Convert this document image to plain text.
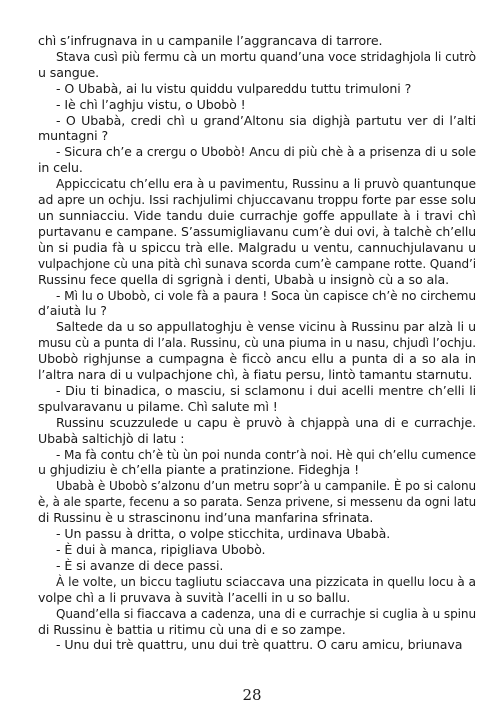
chì s’infrugnava in u campanile l’aggrancava di tarrore.
Stava cusì più fermu cà un mortu quand’una voce stridaghjola li cutrò
u sangue.
- O Ubabà, ai lu vistu quiddu vulpareddu tuttu trimuloni ?
- Iè chì l’aghju vistu, o Ubobò !
- O Ubabà, credi chì u grand’Altonu sia dighjà partutu ver di l’alti
muntagni ?
- Sicura ch’e a crergu o Ubobò! Ancu di più chè à a prisenza di u sole
in celu.
Appiccicatu ch’ellu era à u pavimentu, Russinu a li pruvò quantunque
ad apre un ochju. Issi rachjulimi chjuccavanu troppu forte par esse solu
un sunniacciu. Vide tandu duie currachje goffe appullate à i travi chì
purtavanu e campane. S’assumigliavanu cum’è dui ovi, à talchè ch’ellu
ùn si pudia fà u spiccu trà elle. Malgradu u ventu, cannuchjulavanu u
vulpachjone cù una pità chì sunava scorda cum’è campane rotte. Quand’i
Russinu fece quella di sgrignà i denti, Ubabà u insignò cù a so ala.
- Mì lu o Ubobò, ci vole fà a paura ! Soca ùn capisce ch’è no circhemu
d’aiutà lu ?
Saltede da u so appullatoghju è vense vicinu à Russinu par alzà li u
musu cù a punta di l’ala. Russinu, cù una piuma in u nasu, chjudì l’ochju.
Ubobò righjunse a cumpagna è ficcò ancu ellu a punta di a so ala in
l’altra nara di u vulpachjone chì, à fiatu persu, lintò tamantu starnutu.
- Diu ti binadica, o masciu, si sclamonu i dui acelli mentre ch’elli li
spulvaravanu u pilame. Chì salute mì !
Russinu scuzzulede u capu è pruvò à chjappà una di e currachje.
Ubabà saltichjò di latu :
- Ma fà contu ch’è tù ùn poi nunda contr’à noi. Hè qui ch’ellu cumence
u ghjudiziu è ch’ella piante a pratinzione. Fideghja !
Ubabà è Ubobò s’alzonu d’un metru sopr’à u campanile. È po si calonu
è, à ale sparte, fecenu a so parata. Senza privene, si messenu da ogni latu
di Russinu è u strascinonu ind’una manfarina sfrinata.
- Un passu à dritta, o volpe sticchita, urdinava Ubabà.
- È dui à manca, ripigliava Ubobò.
- È si avanze di dece passi.
À le volte, un biccu tagliutu sciaccava una pizzicata in quellu locu à a
volpe chì a li pruvava à suvità l’acelli in u so ballu.
Quand’ella si fiaccava a cadenza, una di e currachje si cuglia à u spinu
di Russinu è battia u ritimu cù una di e so zampe.
- Unu dui trè quattru, unu dui trè quattru. O caru amicu, briunava
28
